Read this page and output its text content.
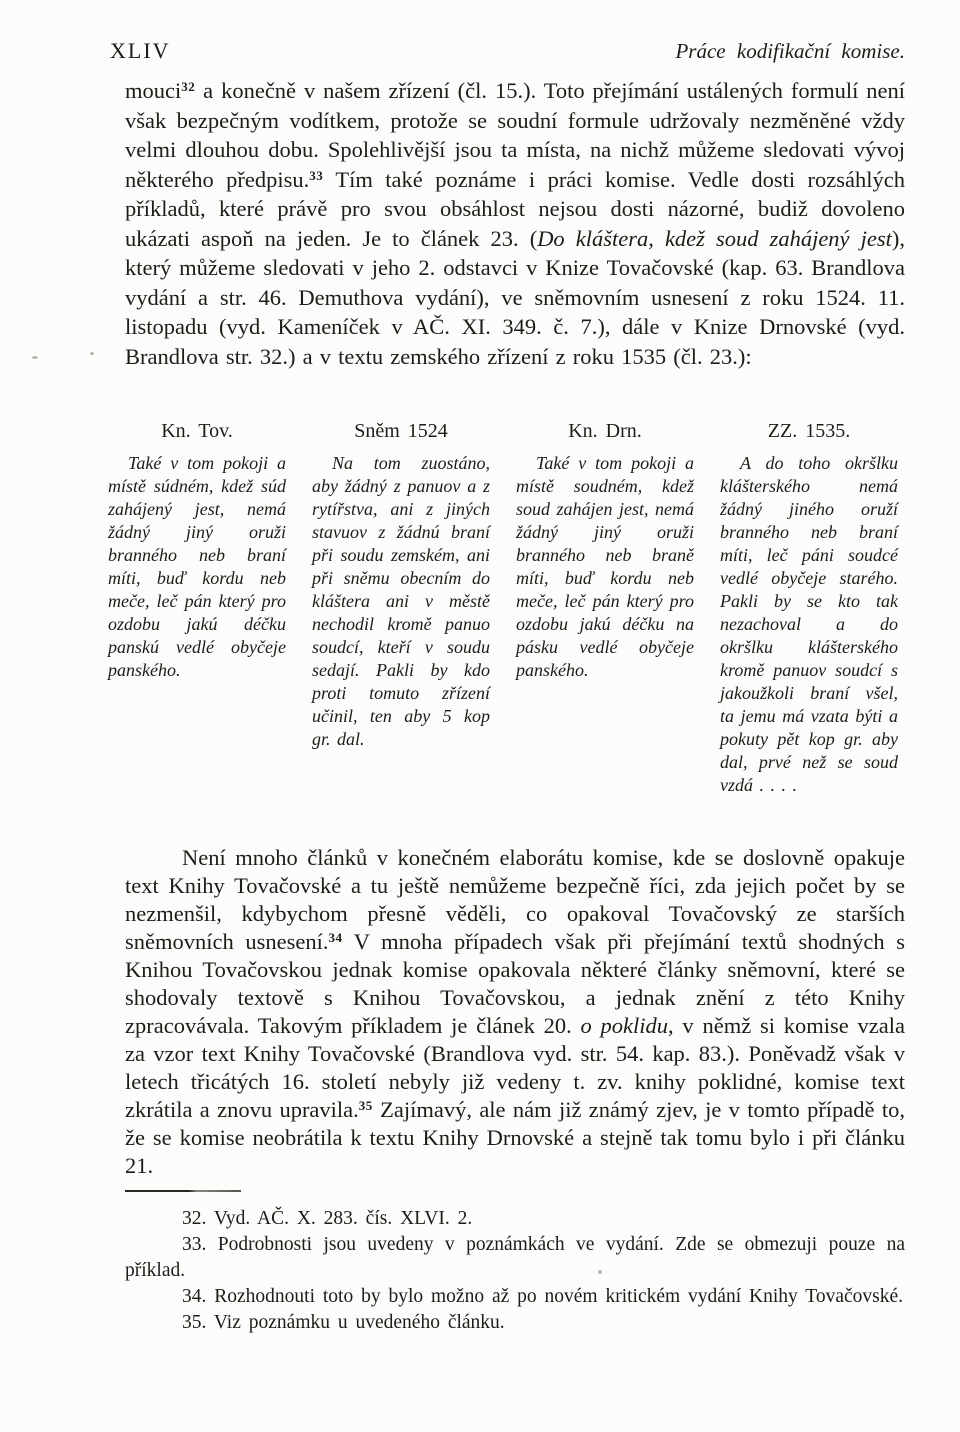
XLIV	Práce kodifikační komise.

mouci$^{32}$ a konečně v našem zřízení (čl. 15.). Toto přejímání ustálených formulí není však bezpečným vodítkem, protože se soudní formule udržovaly nezměněné vždy velmi dlouhou dobu. Spolehlivější jsou ta místa, na nichž můžeme sledovati vývoj některého předpisu.$^{33}$ Tím také poznáme i práci komise. Vedle dosti rozsáhlých příkladů, které právě pro svou obsáhlost nejsou dosti názorné, budiž dovoleno ukázati aspoň na jeden. Je to článek 23. (Do kláštera, kdež soud zahájený jest), který můžeme sledovati v jeho 2. odstavci v Knize Tovačovské (kap. 63. Brandlova vydání a str. 46. Demuthova vydání), ve sněmovním usnesení z roku 1524. 11. listopadu (vyd. Kameníček v AČ. XI. 349. č. 7.), dále v Knize Drnovské (vyd. Brandlova str. 32.) a v textu zemského zřízení z roku 1535 (čl. 23.):

Kn. Tov.

Také v tom pokoji a místě súdném, kdež súd zahájený jest, nemá žádný jiný oruži branného neb braní míti, buď kordu neb meče, leč pán který pro ozdobu jakú déčku panskú vedlé obyčeje panského.

Sněm 1524

Na tom zuostáno, aby žádný z panuov a z rytířstva, ani z jiných stavuov z žádnú braní při soudu zemském, ani při sněmu obecním do kláštera ani v městě nechodil kromě panuo soudcí, kteří v soudu sedají. Pakli by kdo proti tomuto zřízení učinil, ten aby 5 kop gr. dal.

Kn. Drn.

Také v tom pokoji a místě soudném, kdež soud zahájen jest, nemá žádný jiný oruži branného neb braně míti, buď kordu neb meče, leč pán který pro ozdobu jakú déčku na pásku vedlé obyčeje panského.

ZZ. 1535.

A do toho okršlku klášterského nemá žádný jiného oruží branného neb braní míti, leč páni soudcé vedlé obyčeje starého. Pakli by se kto tak nezachoval a do okršlku klášterského kromě panuov soudcí s jakoužkoli braní všel, ta jemu má vzata býti a pokuty pět kop gr. aby dal, prvé než se soud vzdá . . . .

Není mnoho článků v konečném elaborátu komise, kde se doslovně opakuje text Knihy Tovačovské a tu ještě nemůžeme bezpečně říci, zda jejich počet by se nezmenšil, kdybychom přesně věděli, co opakoval Tovačovský ze starších sněmovních usnesení.$^{34}$ V mnoha případech však při přejímání textů shodných s Knihou Tovačovskou jednak komise opakovala některé články sněmovní, které se shodovaly textově s Knihou Tovačovskou, a jednak znění z této Knihy zpracovávala. Takovým příkladem je článek 20. o poklidu, v němž si komise vzala za vzor text Knihy Tovačovské (Brandlova vyd. str. 54. kap. 83.). Poněvadž však v letech třicátých 16. století nebyly již vedeny t. zv. knihy poklidné, komise text zkrátila a znovu upravila.$^{35}$ Zajímavý, ale nám již známý zjev, je v tomto případě to, že se komise neobrátila k textu Knihy Drnovské a stejně tak tomu bylo i při článku 21.

32. Vyd. AČ. X. 283. čís. XLVI. 2.

33. Podrobnosti jsou uvedeny v poznámkách ve vydání. Zde se obmezuji pouze na příklad.

34. Rozhodnouti toto by bylo možno až po novém kritickém vydání Knihy Tovačovské.

35. Viz poznámku u uvedeného článku.
